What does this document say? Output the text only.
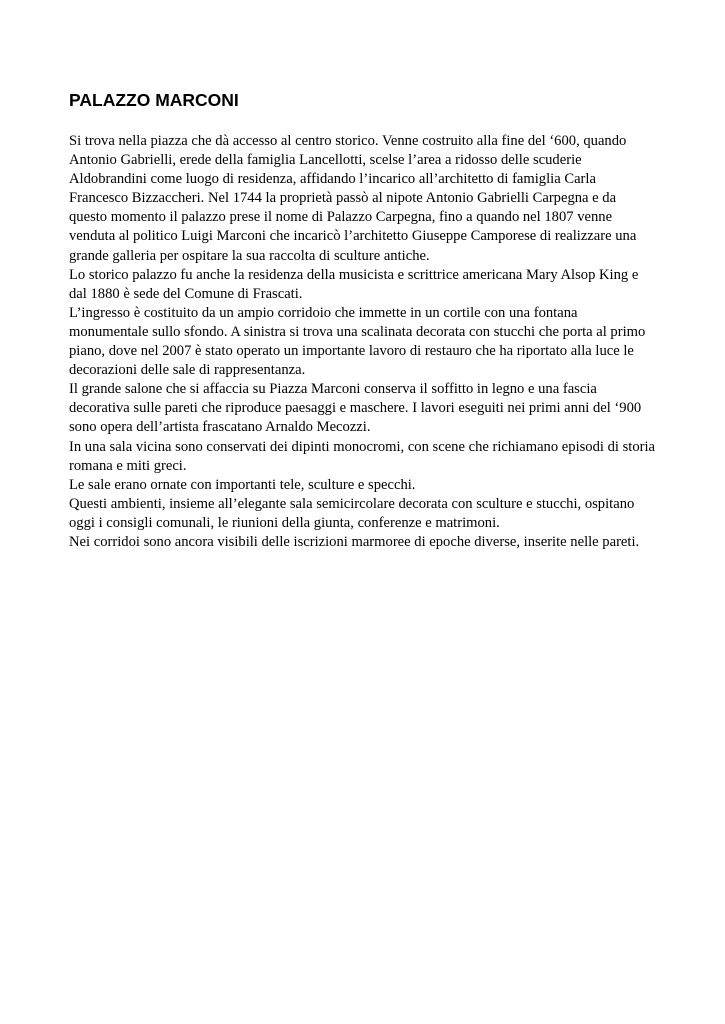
PALAZZO MARCONI
Si trova nella piazza che dà accesso al centro storico. Venne costruito alla fine del ‘600, quando
Antonio Gabrielli, erede della famiglia Lancellotti, scelse l’area a ridosso delle scuderie
Aldobrandini come luogo di residenza, affidando l’incarico all’architetto di famiglia Carla
Francesco Bizzaccheri. Nel 1744 la proprietà passò al nipote Antonio Gabrielli Carpegna e da
questo momento il palazzo prese il nome di Palazzo Carpegna, fino a quando nel 1807 venne
venduta al politico Luigi Marconi che incaricò l’architetto Giuseppe Camporese di realizzare una
grande galleria per ospitare la sua raccolta di sculture antiche.
Lo storico palazzo fu anche la residenza della musicista e scrittrice americana Mary Alsop King e
dal 1880 è sede del Comune di Frascati.
L’ingresso è costituito da un ampio corridoio che immette in un cortile con una fontana
monumentale sullo sfondo. A sinistra si trova una scalinata decorata con stucchi che porta al primo
piano, dove nel 2007 è stato operato un importante lavoro di restauro che ha riportato alla luce le
decorazioni delle sale di rappresentanza.
Il grande salone che si affaccia su Piazza Marconi conserva il soffitto in legno e una fascia
decorativa sulle pareti che riproduce paesaggi e maschere. I lavori eseguiti nei primi anni del ‘900
sono opera dell’artista frascatano Arnaldo Mecozzi.
In una sala vicina sono conservati dei dipinti monocromi, con scene che richiamano episodi di storia
romana e miti greci.
Le sale erano ornate con importanti tele, sculture e specchi.
Questi ambienti, insieme all’elegante sala semicircolare decorata con sculture e stucchi, ospitano
oggi i consigli comunali, le riunioni della giunta, conferenze e matrimoni.
Nei corridoi sono ancora visibili delle iscrizioni marmoree di epoche diverse, inserite nelle pareti.
